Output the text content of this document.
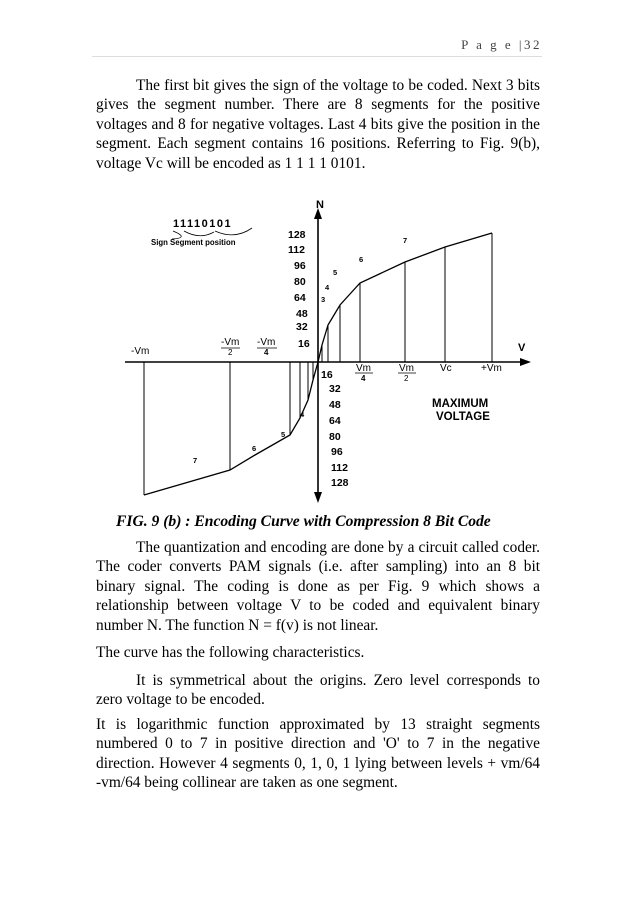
P a g e |32

The first bit gives the sign of the voltage to be coded. Next 3 bits gives the segment number. There are 8 segments for the positive voltages and 8 for negative voltages. Last 4 bits give the position in the segment. Each segment contains 16 positions. Referring to Fig. 9(b), voltage Vc will be encoded as 1 1 1 1 0101.

N
V
11110101
Sign Segment position
128
112
96
80
64
48
32
16
16
32
48
64
80
96
112
128
-Vm
-Vm
2
-Vm
4
Vm
4
Vm
2
Vc	+Vm
3
4
5
6
7
4
5
6
7
MAXIMUM
VOLTAGE
FIG. 9 (b) : Encoding Curve with Compression 8 Bit Code

The quantization and encoding are done by a circuit called coder. The coder converts PAM signals (i.e. after sampling) into an 8 bit binary signal. The coding is done as per Fig. 9 which shows a relationship between voltage V to be coded and equivalent binary number N. The function N = f(v) is not linear.

The curve has the following characteristics.

It is symmetrical about the origins. Zero level corresponds to zero voltage to be encoded.

It is logarithmic function approximated by 13 straight segments numbered 0 to 7 in positive direction and 'O' to 7 in the negative direction. However 4 segments 0, 1, 0, 1 lying between levels + vm/64 -vm/64 being collinear are taken as one segment.
